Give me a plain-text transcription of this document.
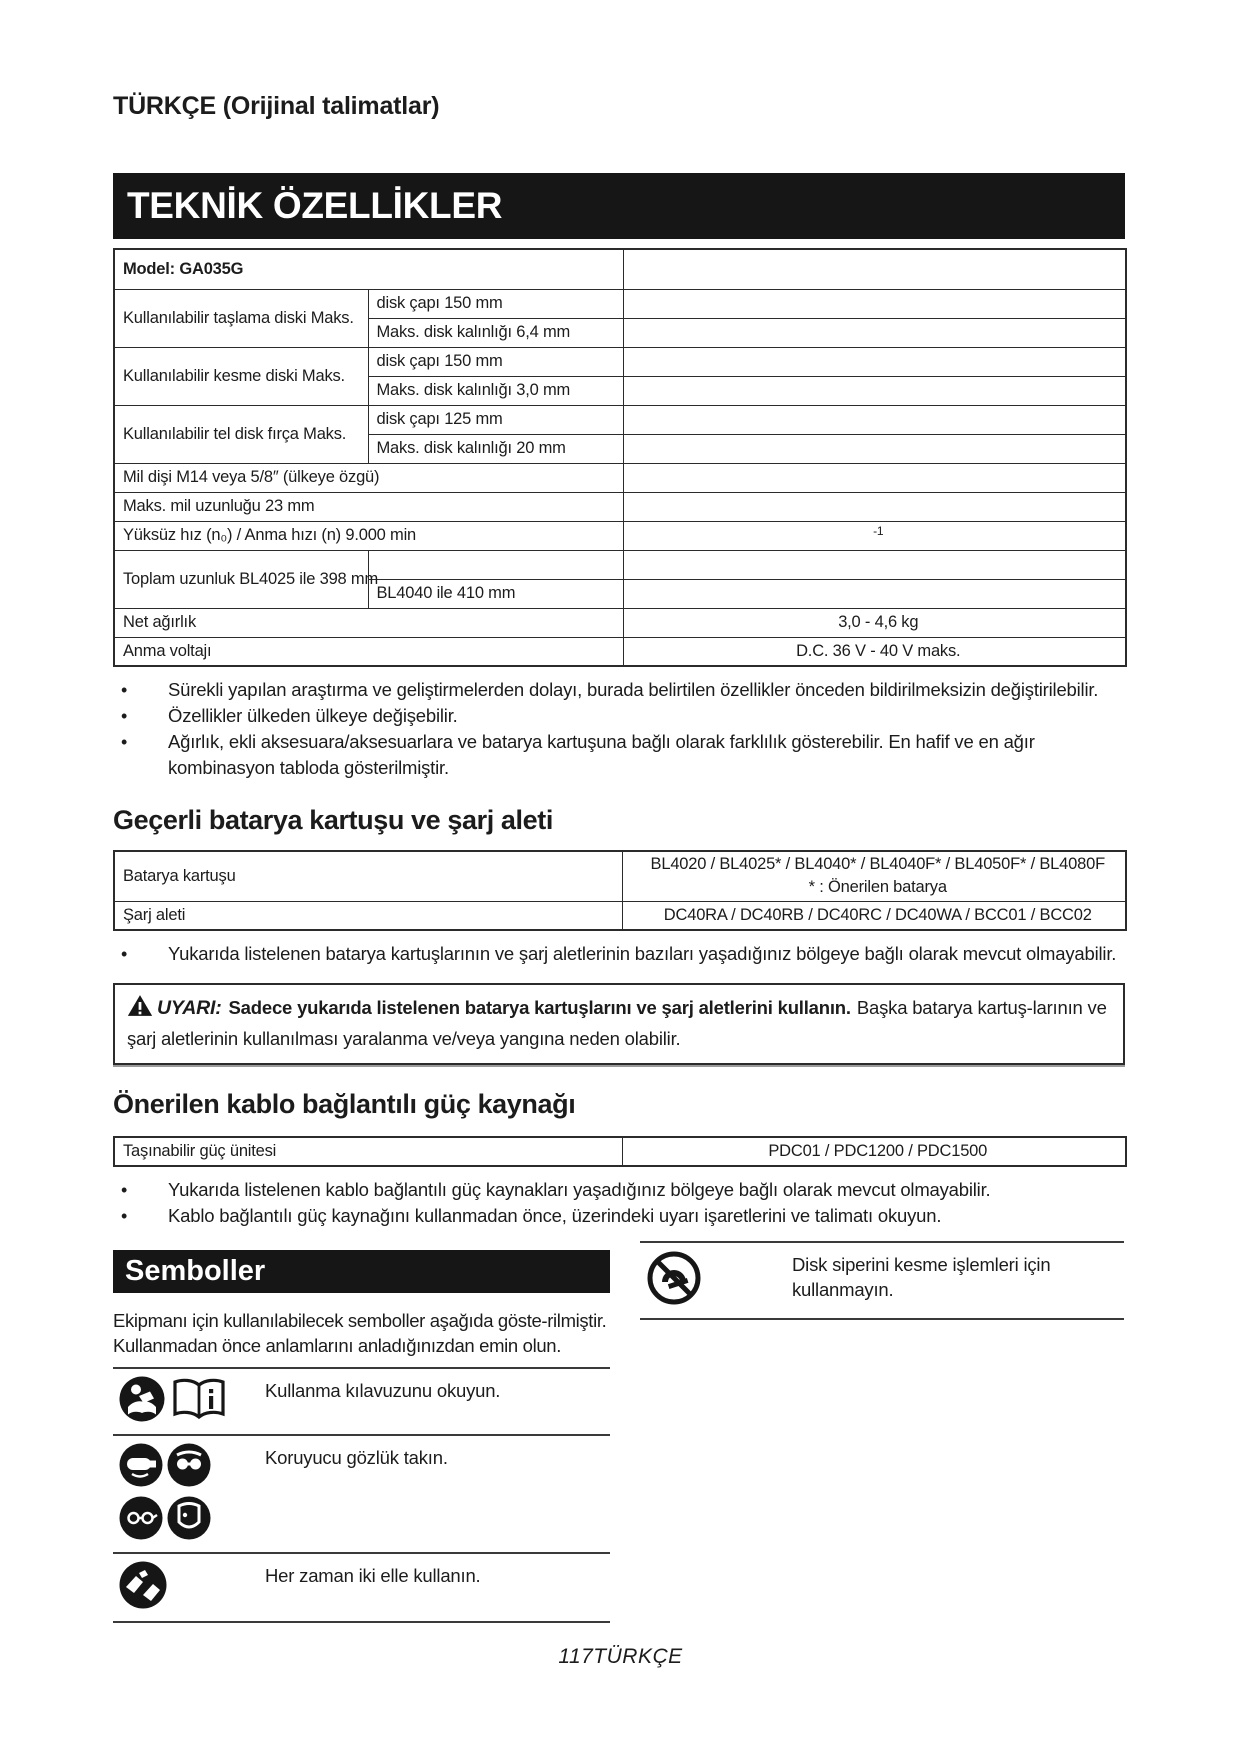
TÜRKÇE (Orijinal talimatlar)
TEKNİK ÖZELLİKLER
Model: GA035G		
Kullanılabilir taşlama diski Maks.	disk çapı 150 mm	
	Maks. disk kalınlığı 6,4 mm	
Kullanılabilir kesme diski Maks.	disk çapı 150 mm	
	Maks. disk kalınlığı 3,0 mm	
Kullanılabilir tel disk fırça Maks.	disk çapı 125 mm	
	Maks. disk kalınlığı 20 mm	
Mil dişi M14 veya 5/8″ (ülkeye özgü)		
Maks. mil uzunluğu 23 mm		
Yüksüz hız (n₀) / Anma hızı (n) 9.000 min		$^{-1}$
Toplam uzunluk BL4025 ile 398 mm		
	BL4040 ile 410 mm	
Net ağırlık		3,0 - 4,6 kg
Anma voltajı		D.C. 36 V - 40 V maks.
• Sürekli yapılan araştırma ve geliştirmelerden dolayı, burada belirtilen özellikler önceden bildirilmeksizin değiştirilebilir.
• Özellikler ülkeden ülkeye değişebilir.
• Ağırlık, ekli aksesuara/aksesuarlara ve batarya kartuşuna bağlı olarak farklılık gösterebilir. En hafif ve en ağır kombinasyon tabloda gösterilmiştir.
Geçerli batarya kartuşu ve şarj aleti
Batarya kartuşu	BL4020 / BL4025* / BL4040* / BL4040F* / BL4050F* / BL4080F
* : Önerilen batarya

Şarj aleti	DC40RA / DC40RB / DC40RC / DC40WA / BCC01 / BCC02
• Yukarıda listelenen batarya kartuşlarının ve şarj aletlerinin bazıları yaşadığınız bölgeye bağlı olarak mevcut olmayabilir.
UYARI: Sadece yukarıda listelenen batarya kartuşlarını ve şarj aletlerini kullanın. Başka batarya kartuş-larının ve şarj aletlerinin kullanılması yaralanma ve/veya yangına neden olabilir.
Önerilen kablo bağlantılı güç kaynağı
Taşınabilir güç ünitesi	PDC01 / PDC1200 / PDC1500
• Yukarıda listelenen kablo bağlantılı güç kaynakları yaşadığınız bölgeye bağlı olarak mevcut olmayabilir.
• Kablo bağlantılı güç kaynağını kullanmadan önce, üzerindeki uyarı işaretlerini ve talimatı okuyun.
Semboller

Ekipmanı için kullanılabilecek semboller aşağıda göste-rilmiştir. Kullanmadan önce anlamlarını anladığınızdan emin olun.

Kullanma kılavuzunu okuyun.
Koruyucu gözlük takın.
Her zaman iki elle kullanın.
Disk siperini kesme işlemleri için kullanmayın.
117TÜRKÇE
